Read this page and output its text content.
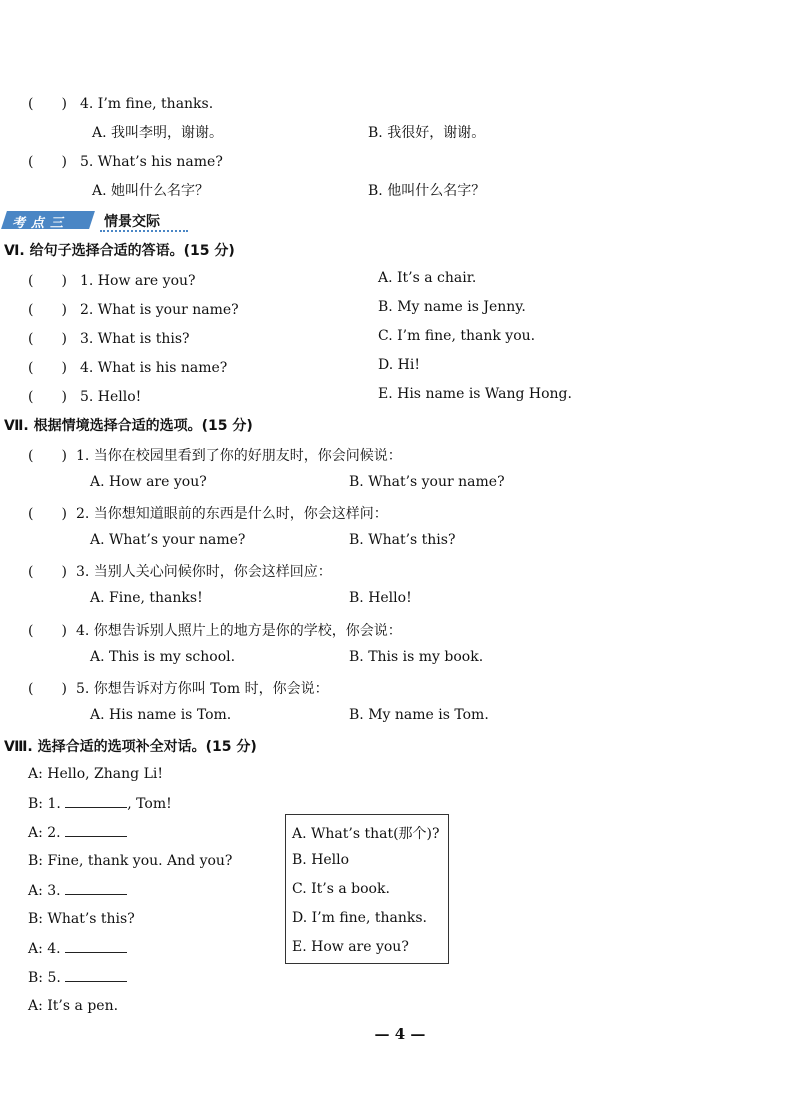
(　　) 4. I’m fine, thanks.
A. 我叫李明，谢谢。	B. 我很好，谢谢。
(　　) 5. What’s his name?
A. 她叫什么名字？	B. 他叫什么名字？
考点三 情景交际
Ⅵ. 给句子选择合适的答语。(15 分)
(　　) 1. How are you?	A. It’s a chair.
(　　) 2. What is your name?	B. My name is Jenny.
(　　) 3. What is this?	C. I’m fine, thank you.
(　　) 4. What is his name?	D. Hi!
(　　) 5. Hello!	E. His name is Wang Hong.
Ⅶ. 根据情境选择合适的选项。(15 分)
(　　) 1. 当你在校园里看到了你的好朋友时，你会问候说：
A. How are you?	B. What’s your name?
(　　) 2. 当你想知道眼前的东西是什么时，你会这样问：
A. What’s your name?	B. What’s this?
(　　) 3. 当别人关心问候你时，你会这样回应：
A. Fine, thanks!	B. Hello!
(　　) 4. 你想告诉别人照片上的地方是你的学校，你会说：
A. This is my school.	B. This is my book.
(　　) 5. 你想告诉对方你叫 Tom 时，你会说：
A. His name is Tom.	B. My name is Tom.
Ⅷ. 选择合适的选项补全对话。(15 分)
A: Hello, Zhang Li!
B: 1.	, Tom!
A: 2.
B: Fine, thank you. And you?
A: 3.
B: What’s this?
A: 4.
B: 5.
A: It’s a pen.
A. What’s that(那个)?
B. Hello
C. It’s a book.
D. I’m fine, thanks.
E. How are you?
— 4 —
